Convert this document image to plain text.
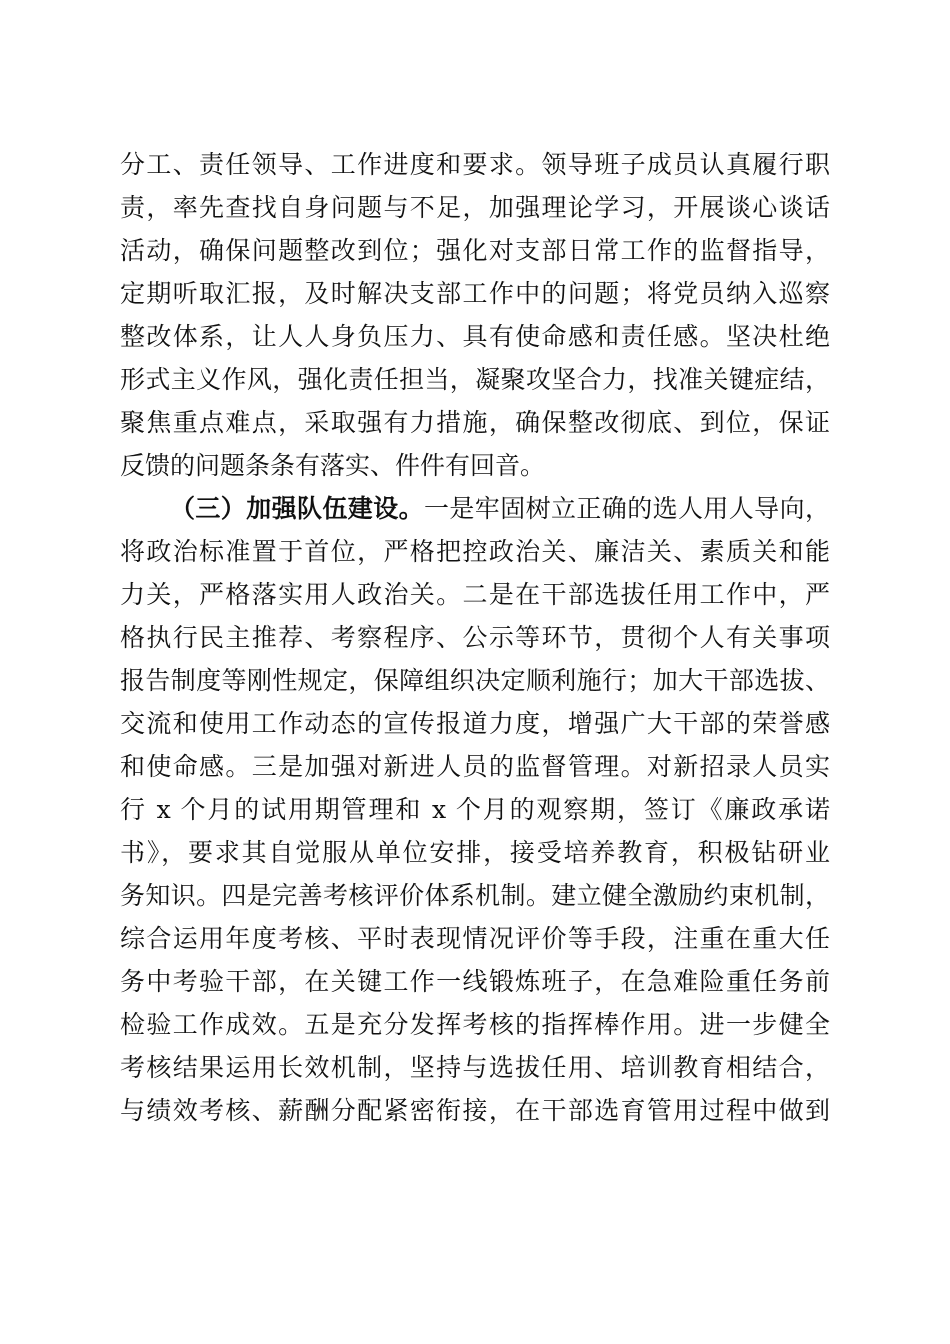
分工、责任领导、工作进度和要求。领导班子成员认真履行职
责，率先查找自身问题与不足，加强理论学习，开展谈心谈话
活动，确保问题整改到位；强化对支部日常工作的监督指导，
定期听取汇报，及时解决支部工作中的问题；将党员纳入巡察
整改体系，让人人身负压力、具有使命感和责任感。坚决杜绝
形式主义作风，强化责任担当，凝聚攻坚合力，找准关键症结，
聚焦重点难点，采取强有力措施，确保整改彻底、到位，保证
反馈的问题条条有落实、件件有回音。
（三）加强队伍建设。一是牢固树立正确的选人用人导向，
将政治标准置于首位，严格把控政治关、廉洁关、素质关和能
力关，严格落实用人政治关。二是在干部选拔任用工作中，严
格执行民主推荐、考察程序、公示等环节，贯彻个人有关事项
报告制度等刚性规定，保障组织决定顺利施行；加大干部选拔、
交流和使用工作动态的宣传报道力度，增强广大干部的荣誉感
和使命感。三是加强对新进人员的监督管理。对新招录人员实
行 x 个月的试用期管理和 x 个月的观察期，签订《廉政承诺
书》，要求其自觉服从单位安排，接受培养教育，积极钻研业
务知识。四是完善考核评价体系机制。建立健全激励约束机制，
综合运用年度考核、平时表现情况评价等手段，注重在重大任
务中考验干部，在关键工作一线锻炼班子，在急难险重任务前
检验工作成效。五是充分发挥考核的指挥棒作用。进一步健全
考核结果运用长效机制，坚持与选拔任用、培训教育相结合，
与绩效考核、薪酬分配紧密衔接，在干部选育管用过程中做到
